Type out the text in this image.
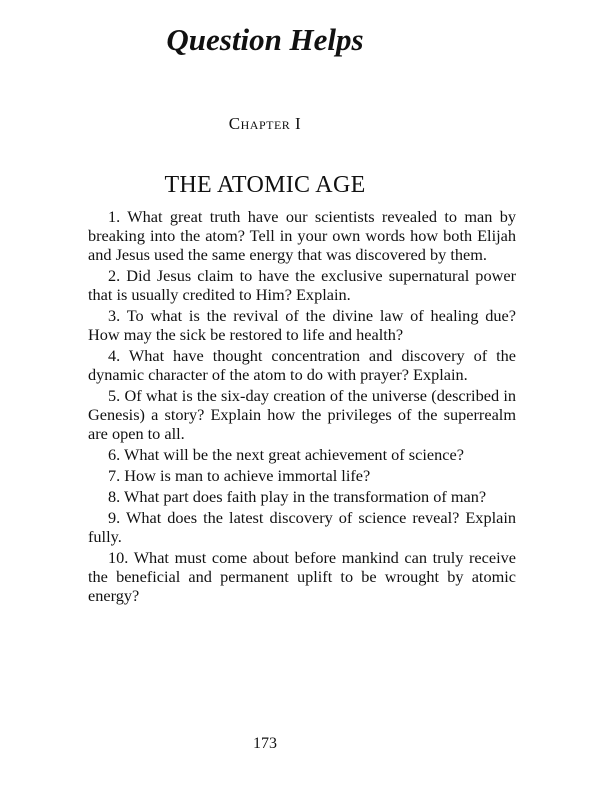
Question Helps
Chapter I
THE ATOMIC AGE

1. What great truth have our scientists revealed to man by breaking into the atom? Tell in your own words how both Elijah and Jesus used the same energy that was discovered by them.

2. Did Jesus claim to have the exclusive supernatural power that is usually credited to Him? Explain.

3. To what is the revival of the divine law of healing due? How may the sick be restored to life and health?

4. What have thought concentration and discovery of the dynamic character of the atom to do with prayer? Explain.

5. Of what is the six-day creation of the universe (described in Genesis) a story? Explain how the privileges of the superrealm are open to all.

6. What will be the next great achievement of science?

7. How is man to achieve immortal life?

8. What part does faith play in the transformation of man?

9. What does the latest discovery of science reveal? Explain fully.

10. What must come about before mankind can truly receive the beneficial and permanent uplift to be wrought by atomic energy?

173
